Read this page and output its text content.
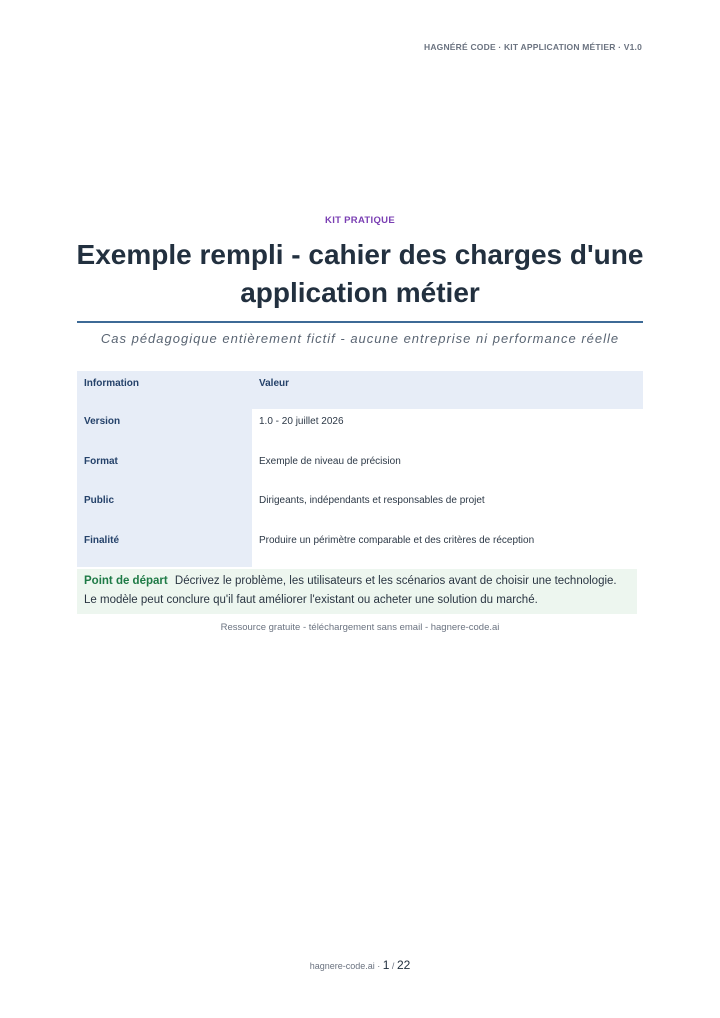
HAGNÉRÉ CODE · KIT APPLICATION MÉTIER · V1.0
KIT PRATIQUE
Exemple rempli - cahier des charges d'une application métier
Cas pédagogique entièrement fictif - aucune entreprise ni performance réelle
Information	Valeur
Version	1.0 - 20 juillet 2026
Format	Exemple de niveau de précision
Public	Dirigeants, indépendants et responsables de projet
Finalité	Produire un périmètre comparable et des critères de réception
Point de départ Décrivez le problème, les utilisateurs et les scénarios avant de choisir une technologie. Le modèle peut conclure qu'il faut améliorer l'existant ou acheter une solution du marché.
Ressource gratuite - téléchargement sans email - hagnere-code.ai
hagnere-code.ai · 1 / 22
